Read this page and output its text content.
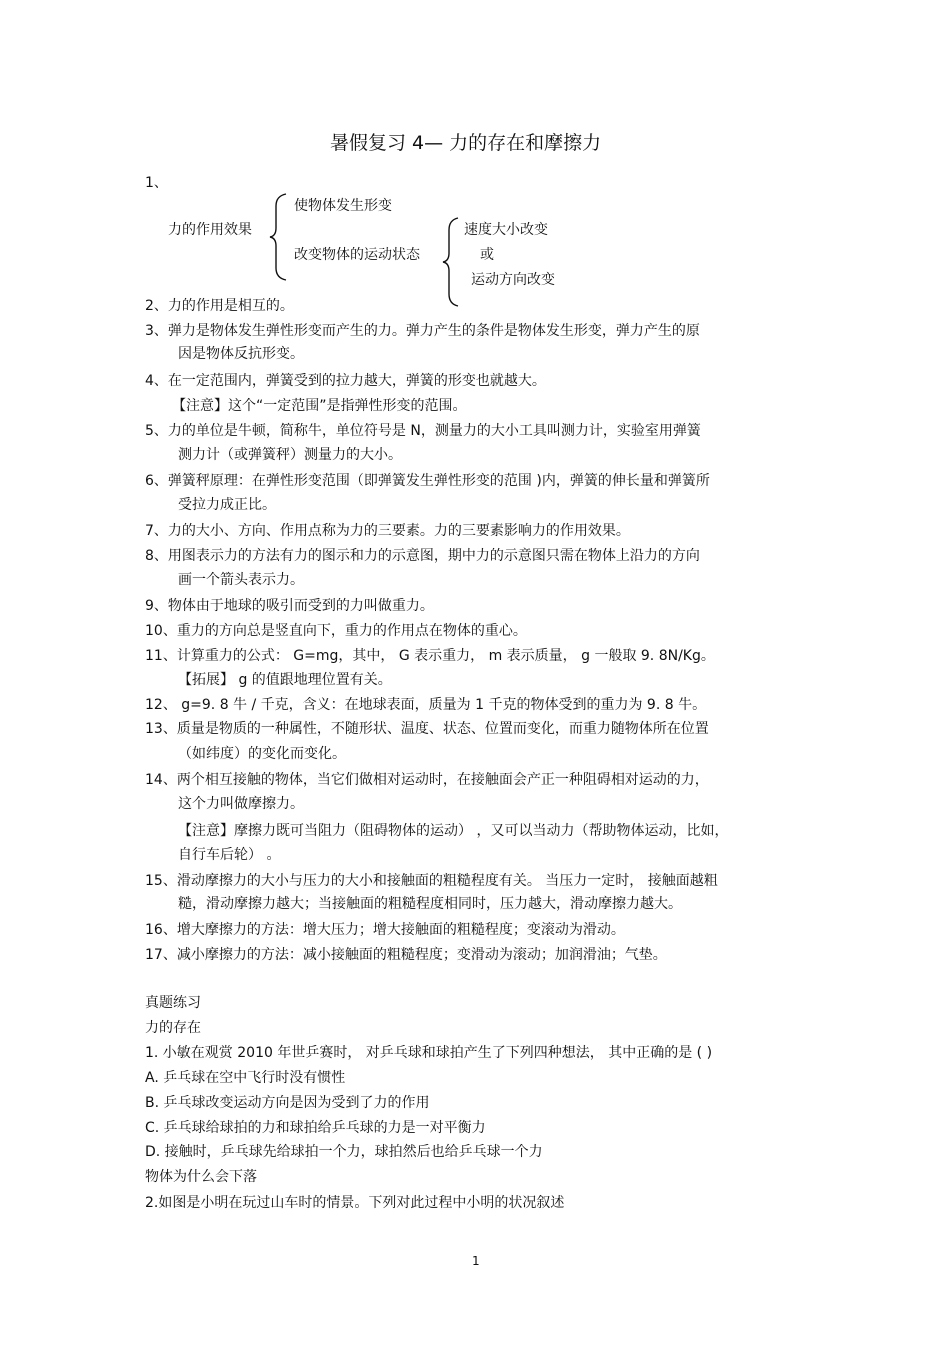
暑假复习 4— 力的存在和摩擦力
1、
力的作用效果
使物体发生形变
改变物体的运动状态
速度大小改变
或
运动方向改变
2、力的作用是相互的。
3、弹力是物体发生弹性形变而产生的力。弹力产生的条件是物体发生形变，弹力产生的原
因是物体反抗形变。
4、在一定范围内，弹簧受到的拉力越大，弹簧的形变也就越大。
【注意】这个“一定范围”是指弹性形变的范围。
5、力的单位是牛顿，简称牛，单位符号是 N，测量力的大小工具叫测力计，实验室用弹簧
测力计（或弹簧秤）测量力的大小。
6、弹簧秤原理：在弹性形变范围（即弹簧发生弹性形变的范围 )内，弹簧的伸长量和弹簧所
受拉力成正比。
7、力的大小、方向、作用点称为力的三要素。力的三要素影响力的作用效果。
8、用图表示力的方法有力的图示和力的示意图，期中力的示意图只需在物体上沿力的方向
画一个箭头表示力。
9、物体由于地球的吸引而受到的力叫做重力。
10、重力的方向总是竖直向下，重力的作用点在物体的重心。
11、计算重力的公式： G=mg，其中， G 表示重力， m 表示质量， g 一般取 9. 8N/Kg。
【拓展】 g 的值跟地理位置有关。
12、 g=9. 8 牛 / 千克，含义：在地球表面，质量为 1 千克的物体受到的重力为 9. 8 牛。
13、质量是物质的一种属性，不随形状、温度、状态、位置而变化，而重力随物体所在位置
（如纬度）的变化而变化。
14、两个相互接触的物体，当它们做相对运动时，在接触面会产正一种阻碍相对运动的力，
这个力叫做摩擦力。
【注意】摩擦力既可当阻力（阻碍物体的运动） ，又可以当动力（帮助物体运动，比如，
自行车后轮） 。
15、滑动摩擦力的大小与压力的大小和接触面的粗糙程度有关。 当压力一定时， 接触面越粗
糙，滑动摩擦力越大；当接触面的粗糙程度相同时，压力越大，滑动摩擦力越大。
16、增大摩擦力的方法：增大压力；增大接触面的粗糙程度；变滚动为滑动。
17、减小摩擦力的方法：减小接触面的粗糙程度；变滑动为滚动；加润滑油；气垫。
真题练习
力的存在
1. 小敏在观赏 2010 年世乒赛时， 对乒乓球和球拍产生了下列四种想法， 其中正确的是 ( )
A. 乒乓球在空中飞行时没有惯性
B. 乒乓球改变运动方向是因为受到了力的作用
C. 乒乓球给球拍的力和球拍给乒乓球的力是一对平衡力
D. 接触时，乒乓球先给球拍一个力，球拍然后也给乒乓球一个力
物体为什么会下落
2.如图是小明在玩过山车时的情景。下列对此过程中小明的状况叙述
1
